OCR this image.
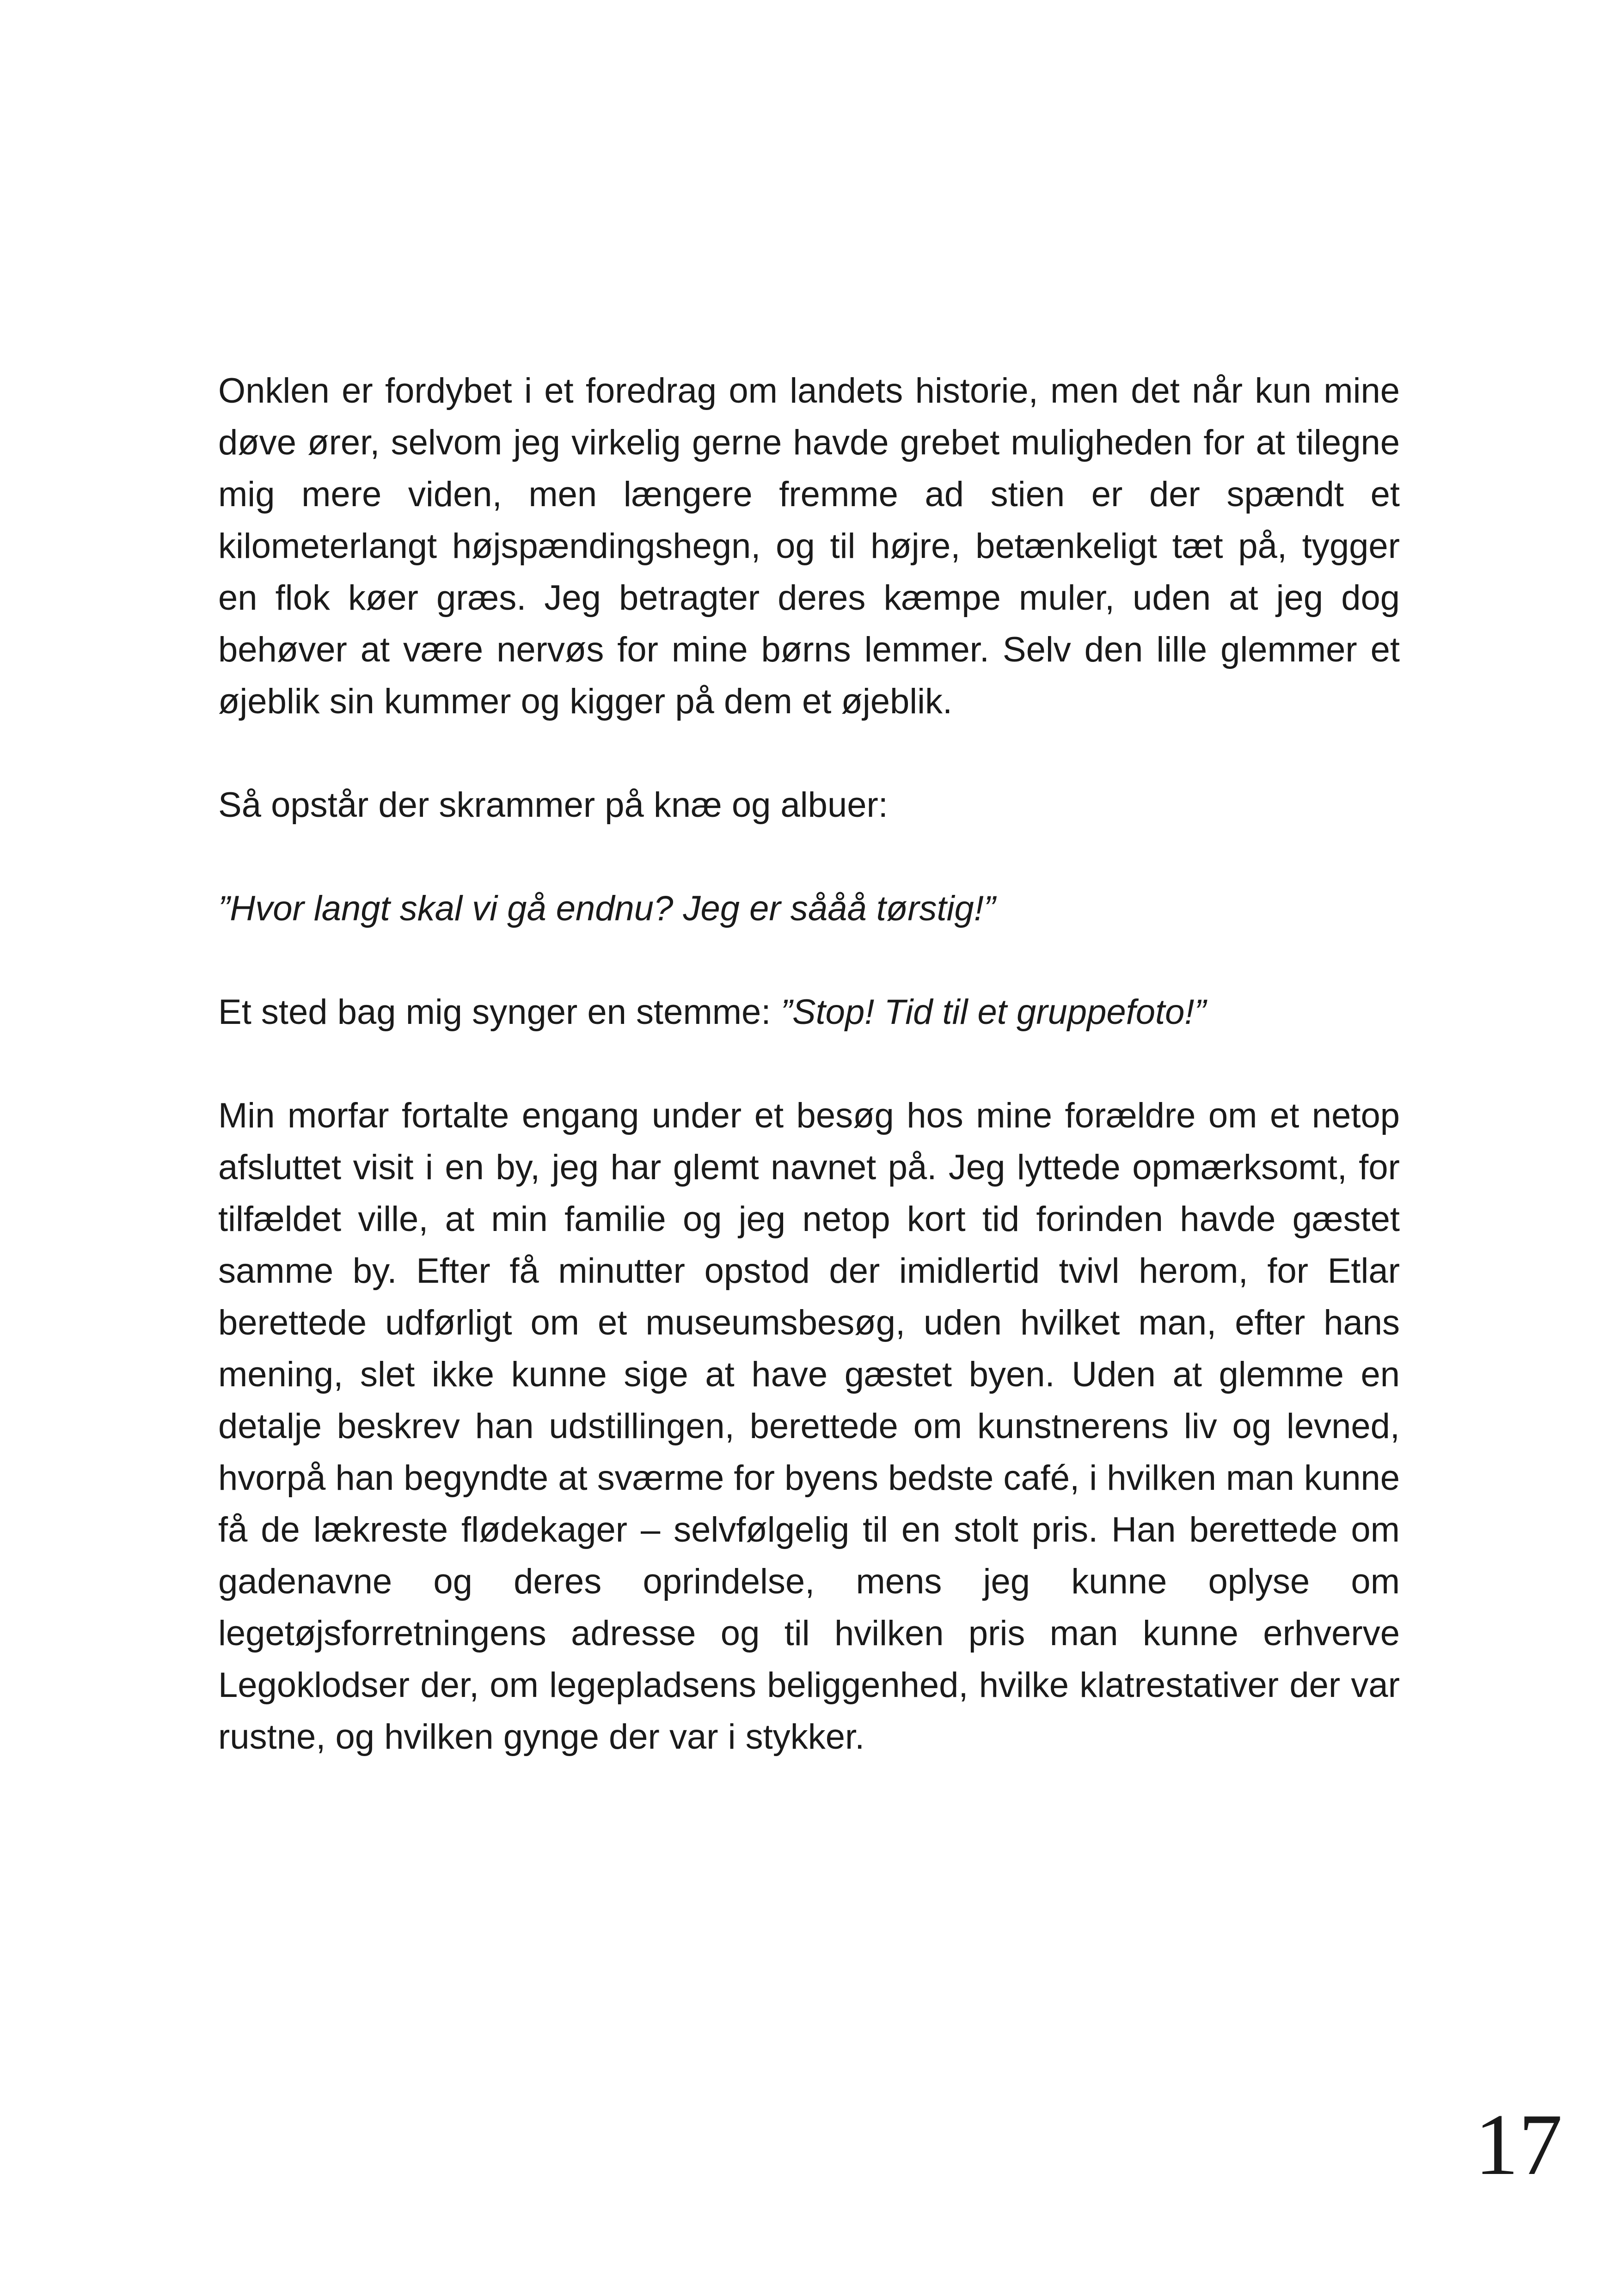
Onklen er fordybet i et foredrag om landets historie, men det når kun mine døve ører, selvom jeg virkelig gerne havde grebet muligheden for at tilegne mig mere viden, men længere fremme ad stien er der spændt et kilometerlangt højspændingshegn, og til højre, betænkeligt tæt på, tygger en flok køer græs. Jeg betragter deres kæmpe muler, uden at jeg dog behøver at være nervøs for mine børns lemmer. Selv den lille glemmer et øjeblik sin kummer og kigger på dem et øjeblik.

Så opstår der skrammer på knæ og albuer:

”Hvor langt skal vi gå endnu? Jeg er sååå tørstig!”

Et sted bag mig synger en stemme: ”Stop! Tid til et gruppefoto!”

Min morfar fortalte engang under et besøg hos mine forældre om et netop afsluttet visit i en by, jeg har glemt navnet på. Jeg lyttede opmærksomt, for tilfældet ville, at min familie og jeg netop kort tid forinden havde gæstet samme by. Efter få minutter opstod der imidlertid tvivl herom, for Etlar berettede udførligt om et museumsbesøg, uden hvilket man, efter hans mening, slet ikke kunne sige at have gæstet byen. Uden at glemme en detalje beskrev han udstillingen, berettede om kunstnerens liv og levned, hvorpå han begyndte at sværme for byens bedste café, i hvilken man kunne få de lækreste flødekager – selvfølgelig til en stolt pris. Han berettede om gadenavne og deres oprindelse, mens jeg kunne oplyse om legetøjsforretningens adresse og til hvilken pris man kunne erhverve Legoklodser der, om legepladsens beliggenhed, hvilke klatrestativer der var rustne, og hvilken gynge der var i stykker.

17
